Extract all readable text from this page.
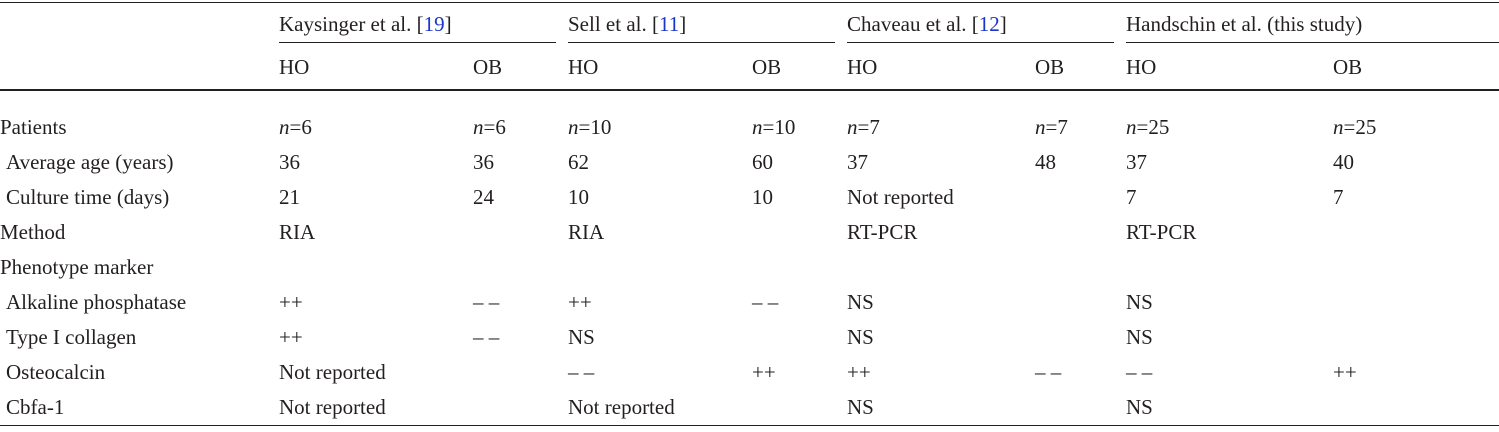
	Kaysinger et al. [19]		Sell et al. [11]		Chaveau et al. [12]		Handschin et al. (this study)	

	HO	OB	HO	OB	HO	OB	HO	OB

Patients	n=6	n=6	n=10	n=10	n=7	n=7	n=25	n=25
Average age (years)	36	36	62	60	37	48	37	40
Culture time (days)	21	24	10	10	Not reported		7	7
Method	RIA		RIA		RT-PCR		RT-PCR	
Phenotype marker								
Alkaline phosphatase	++	– –	++	– –	NS		NS	
Type I collagen	++	– –	NS		NS		NS	
Osteocalcin	Not reported		– –	++	++	– –	– –	++
Cbfa-1	Not reported		Not reported		NS		NS	
